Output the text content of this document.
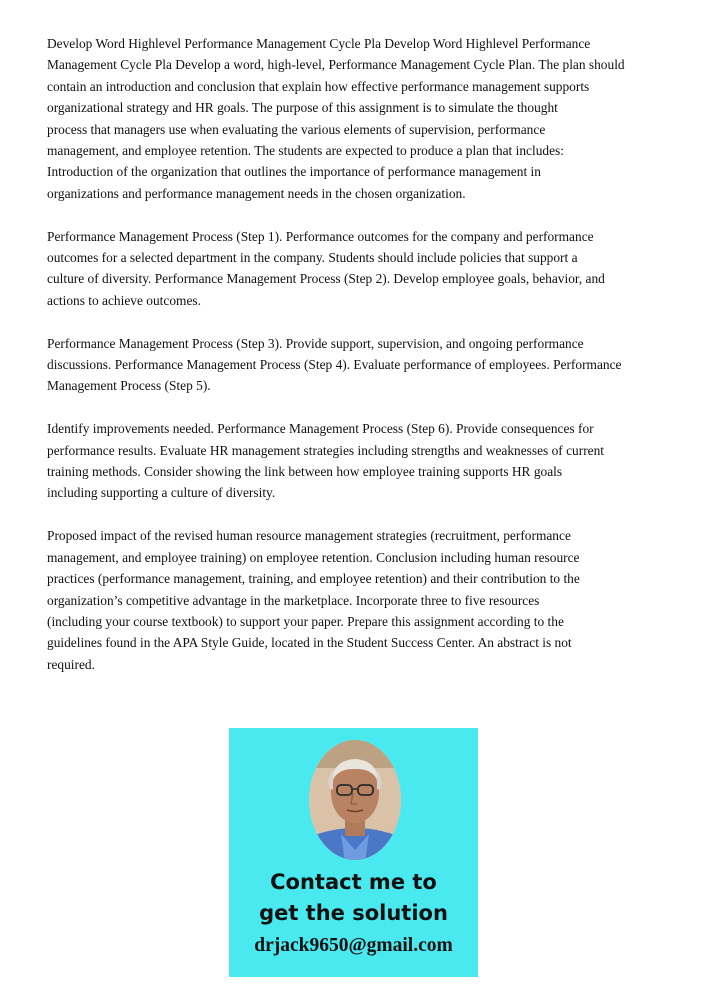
Develop Word Highlevel Performance Management Cycle Pla Develop Word Highlevel Performance
Management Cycle Pla Develop a word, high-level, Performance Management Cycle Plan. The plan should
contain an introduction and conclusion that explain how effective performance management supports
organizational strategy and HR goals. The purpose of this assignment is to simulate the thought
process that managers use when evaluating the various elements of supervision, performance
management, and employee retention. The students are expected to produce a plan that includes:
Introduction of the organization that outlines the importance of performance management in
organizations and performance management needs in the chosen organization.
Performance Management Process (Step 1). Performance outcomes for the company and performance
outcomes for a selected department in the company. Students should include policies that support a
culture of diversity. Performance Management Process (Step 2). Develop employee goals, behavior, and
actions to achieve outcomes.
Performance Management Process (Step 3). Provide support, supervision, and ongoing performance
discussions. Performance Management Process (Step 4). Evaluate performance of employees. Performance
Management Process (Step 5).
Identify improvements needed. Performance Management Process (Step 6). Provide consequences for
performance results. Evaluate HR management strategies including strengths and weaknesses of current
training methods. Consider showing the link between how employee training supports HR goals
including supporting a culture of diversity.
Proposed impact of the revised human resource management strategies (recruitment, performance
management, and employee training) on employee retention. Conclusion including human resource
practices (performance management, training, and employee retention) and their contribution to the
organization’s competitive advantage in the marketplace. Incorporate three to five resources
(including your course textbook) to support your paper. Prepare this assignment according to the
guidelines found in the APA Style Guide, located in the Student Success Center. An abstract is not
required.
Contact me to
get the solution
drjack9650@gmail.com
